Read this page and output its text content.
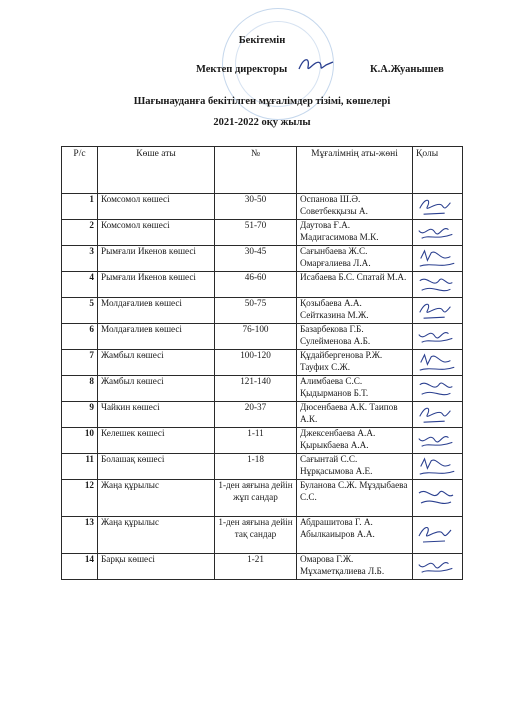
Бекітемін
Мектеп директоры	К.А.Жуанышев
Шағынауданға бекітілген мұғалімдер тізімі, көшелері
2021-2022 оқу жылы
Р/с	Көше аты	№	Мұғалімнің аты-жөні	Қолы
1	Комсомол көшесі	30-50	Оспанова Ш.Ә. Советбекқызы А.	

2	Комсомол көшесі	51-70	Даутова Ғ.А. Мадигасимова М.К.	

3	Рымғали Икенов көшесі	30-45	Сағынбаева Ж.С. Омарғалиева Л.А.	

4	Рымғали Икенов көшесі	46-60	Исабаева Б.С. Спатай М.А.	

5	Молдағалиев көшесі	50-75	Қозыбаева А.А. Сейтказина М.Ж.	

6	Молдағалиев көшесі	76-100	Базарбекова Г.Б. Сулейменова А.Б.	

7	Жамбыл көшесі	100-120	Құдайбергенова Р.Ж. Тауфих С.Ж.	

8	Жамбыл көшесі	121-140	Алимбаева С.С. Қыдырманов Б.Т.	

9	Чайкин көшесі	20-37	Дюсенбаева А.К. Таипов А.К.	

10	Келешек көшесі	1-11	Джексенбаева А.А. Қырыкбаева А.А.	

11	Болашақ көшесі	1-18	Сағынтай С.С. Нұрқасымова А.Е.	

12	Жаңа құрылыс	1-ден аяғына дейін жұп сандар	Буланова С.Ж. Мұздыбаева С.С.	

13	Жаңа құрылыс	1-ден аяғына дейін тақ сандар	Абдрашитова Г. А. Абылкаиыров А.А.	

14	Барқы көшесі	1-21	Омарова Г.Ж. Мұхаметқалиева Л.Б.	
